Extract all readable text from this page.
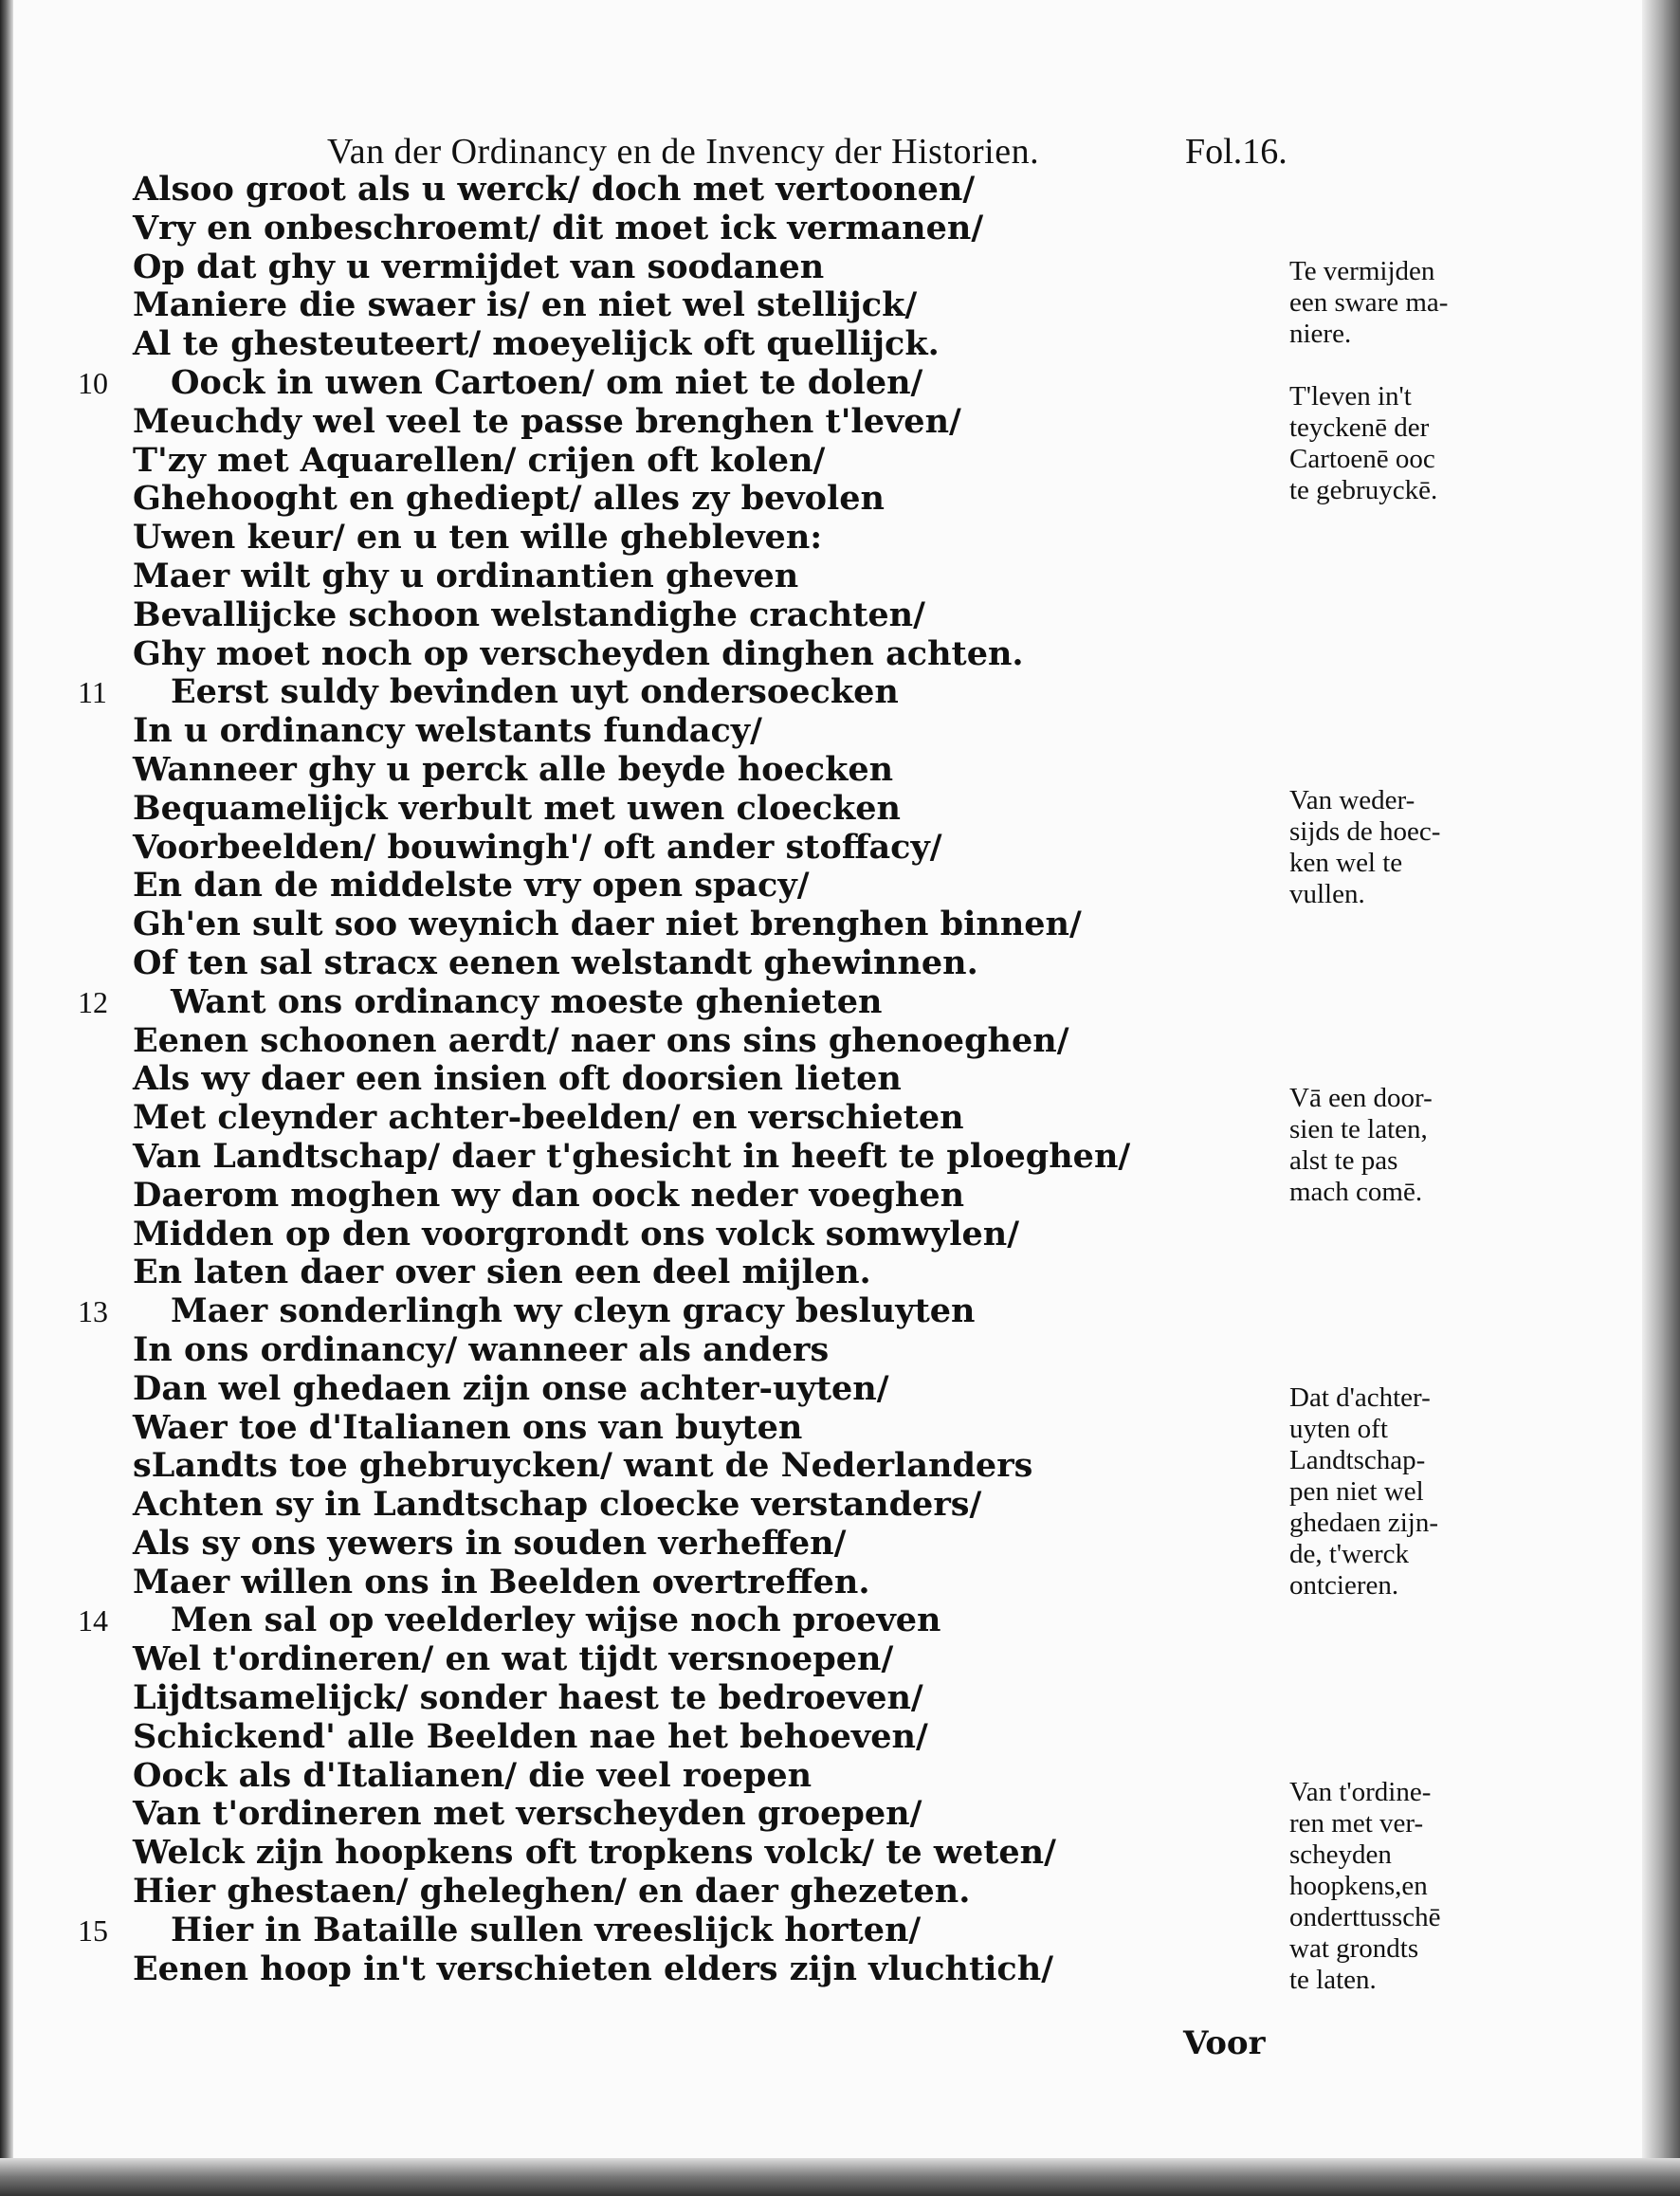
Van der Ordinancy en de Invency der Historien.	Fol.16.
Alsoo groot als u werck/ doch met vertoonen/
Vry en onbeschroemt/ dit moet ick vermanen/
Op dat ghy u vermijdet van soodanen
Maniere die swaer is/ en niet wel stellijck/
Al te ghesteuteert/ moeyelijck oft quellijck.
10 Oock in uwen Cartoen/ om niet te dolen/
Meuchdy wel veel te passe brenghen t'leven/
T'zy met Aquarellen/ crijen oft kolen/
Ghehooght en ghediept/ alles zy bevolen
Uwen keur/ en u ten wille ghebleven:
Maer wilt ghy u ordinantien gheven
Bevallijcke schoon welstandighe crachten/
Ghy moet noch op verscheyden dinghen achten.
11 Eerst suldy bevinden uyt ondersoecken
In u ordinancy welstants fundacy/
Wanneer ghy u perck alle beyde hoecken
Bequamelijck verbult met uwen cloecken
Voorbeelden/ bouwingh'/ oft ander stoffacy/
En dan de middelste vry open spacy/
Gh'en sult soo weynich daer niet brenghen binnen/
Of ten sal stracx eenen welstandt ghewinnen.
12 Want ons ordinancy moeste ghenieten
Eenen schoonen aerdt/ naer ons sins ghenoeghen/
Als wy daer een insien oft doorsien lieten
Met cleynder achter-beelden/ en verschieten
Van Landtschap/ daer t'ghesicht in heeft te ploeghen/
Daerom moghen wy dan oock neder voeghen
Midden op den voorgrondt ons volck somwylen/
En laten daer over sien een deel mijlen.
13 Maer sonderlingh wy cleyn gracy besluyten
In ons ordinancy/ wanneer als anders
Dan wel ghedaen zijn onse achter-uyten/
Waer toe d'Italianen ons van buyten
sLandts toe ghebruycken/ want de Nederlanders
Achten sy in Landtschap cloecke verstanders/
Als sy ons yewers in souden verheffen/
Maer willen ons in Beelden overtreffen.
14 Men sal op veelderley wijse noch proeven
Wel t'ordineren/ en wat tijdt versnoepen/
Lijdtsamelijck/ sonder haest te bedroeven/
Schickend' alle Beelden nae het behoeven/
Oock als d'Italianen/ die veel roepen
Van t'ordineren met verscheyden groepen/
Welck zijn hoopkens oft tropkens volck/ te weten/
Hier ghestaen/ gheleghen/ en daer ghezeten.
15 Hier in Bataille sullen vreeslijck horten/
Eenen hoop in't verschieten elders zijn vluchtich/
Te vermijden
een sware ma-
niere.
T'leven in't
teyckenē der
Cartoenē ooc
te gebruyckē.
Van weder-
sijds de hoec-
ken wel te
vullen.
Vā een door-
sien te laten,
alst te pas
mach comē.
Dat d'achter-
uyten oft
Landtschap-
pen niet wel
ghedaen zijn-
de, t'werck
ontcieren.
Van t'ordine-
ren met ver-
scheyden
hoopkens,en
onderttusschē
wat grondts
te laten.
Voor
